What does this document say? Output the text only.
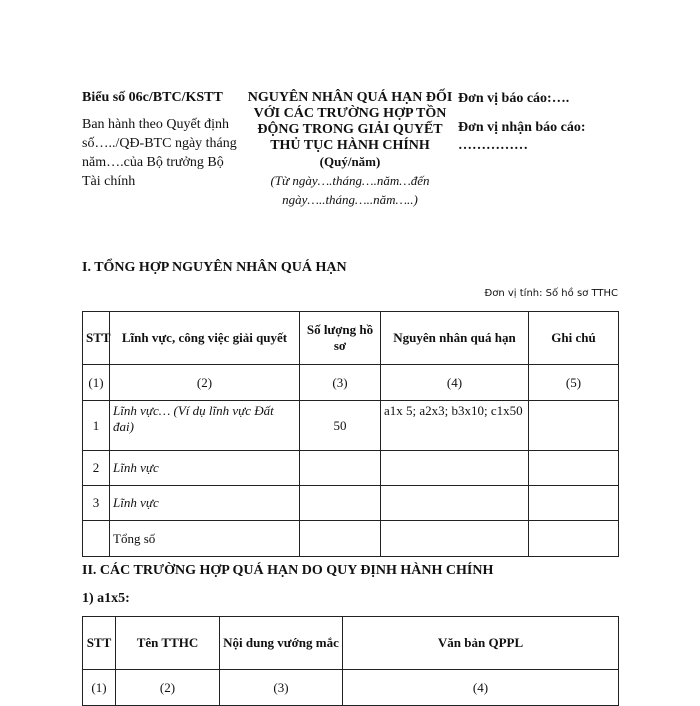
Biểu số 06c/BTC/KSTT
Ban hành theo Quyết định số…../QĐ-BTC ngày tháng năm….của Bộ trưởng Bộ Tài chính
NGUYÊN NHÂN QUÁ HẠN ĐỐI VỚI CÁC TRƯỜNG HỢP TỒN ĐỘNG TRONG GIẢI QUYẾT THỦ TỤC HÀNH CHÍNH
(Quý/năm)
(Từ ngày….tháng….năm…đến ngày…..tháng…..năm…..)
Đơn vị báo cáo:….
Đơn vị nhận báo cáo: ……………
I. TỔNG HỢP NGUYÊN NHÂN QUÁ HẠN
Đơn vị tính: Số hồ sơ TTHC
STT	Lĩnh vực, công việc giải quyết	Số lượng hồ sơ	Nguyên nhân quá hạn	Ghi chú
(1)	(2)	(3)	(4)	(5)
1	Lĩnh vực… (Ví dụ lĩnh vực Đất đai)	50	a1x 5; a2x3; b3x10; c1x50	
2	Lĩnh vực			
3	Lĩnh vực			
	Tổng số			
II. CÁC TRƯỜNG HỢP QUÁ HẠN DO QUY ĐỊNH HÀNH CHÍNH
1) a1x5:
STT	Tên TTHC	Nội dung vướng mắc	Văn bản QPPL
(1)	(2)	(3)	(4)
